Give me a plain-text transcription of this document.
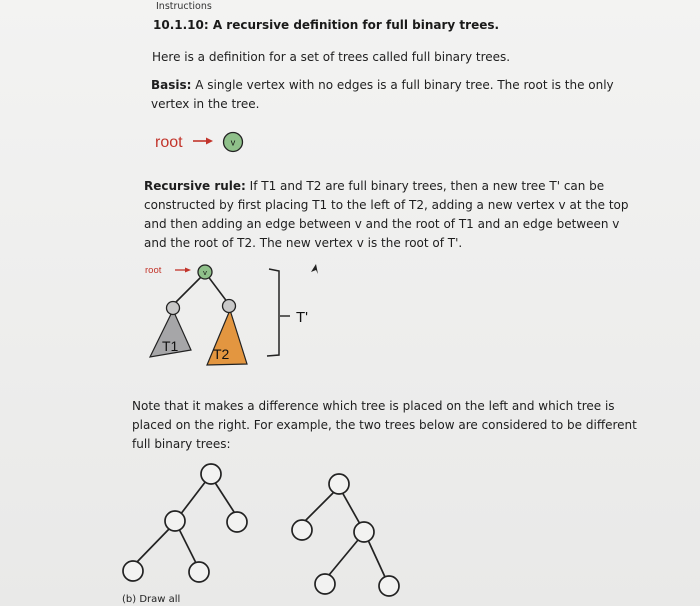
Instructions

10.1.10: A recursive definition for full binary trees.

Here is a definition for a set of trees called full binary trees.

Basis: A single vertex with no edges is a full binary tree. The root is the only vertex in the tree.

Recursive rule: If T1 and T2 are full binary trees, then a new tree T' can be constructed by first placing T1 to the left of T2, adding a new vertex v at the top and then adding an edge between v and the root of T1 and an edge between v and the root of T2. The new vertex v is the root of T'.

Note that it makes a difference which tree is placed on the left and which tree is placed on the right. For example, the two trees below are considered to be different full binary trees:

(b) Draw all

root	v
root	v
T1 T2
T'
